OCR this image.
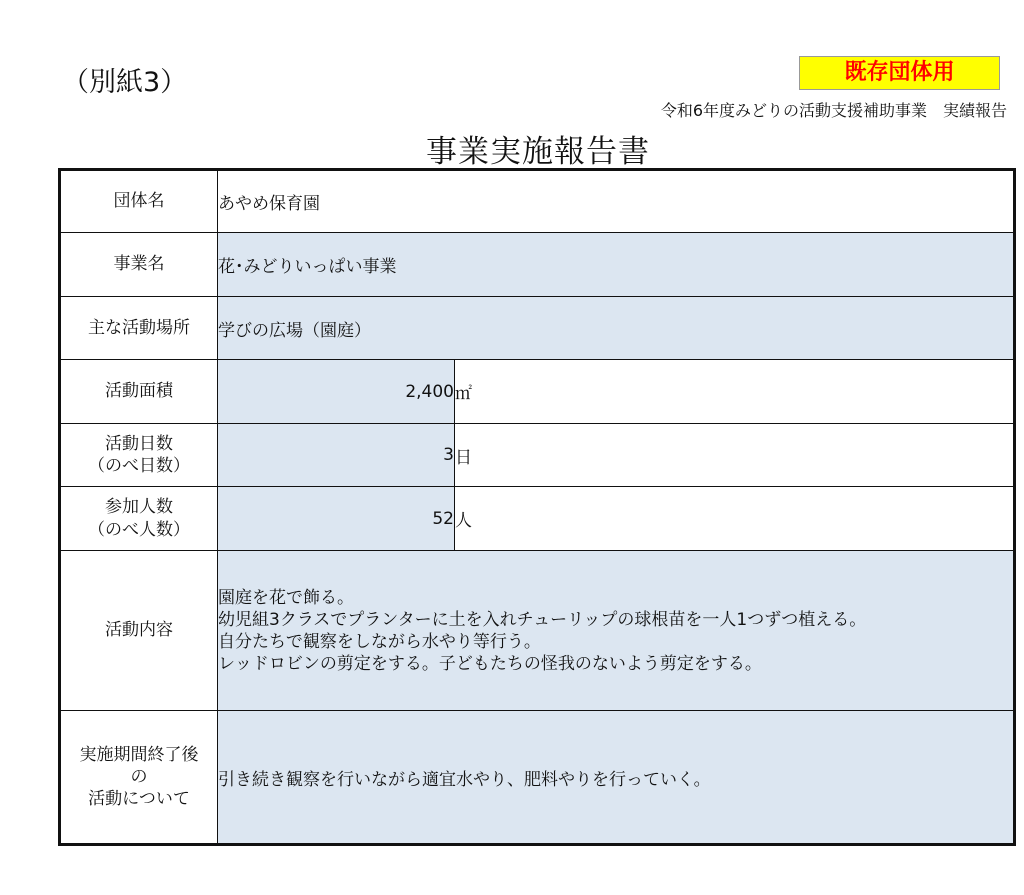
（別紙3）	既存団体用
令和6年度みどりの活動支援補助事業　実績報告
事業実施報告書
団体名	あやめ保育園	
事業名	花･みどりいっぱい事業	
主な活動場所	学びの広場（園庭）	
活動面積	2,400	㎡

活動日数
（のべ日数）	3	日

参加人数
（のべ人数）	52	人
活動内容	園庭を花で飾る。
幼児組3クラスでプランターに土を入れチューリップの球根苗を一人1つずつ植える。
自分たちで観察をしながら水やり等行う。
レッドロビンの剪定をする。子どもたちの怪我のないよう剪定をする。	

実施期間終了後
の
活動について	引き続き観察を行いながら適宜水やり、肥料やりを行っていく。	
